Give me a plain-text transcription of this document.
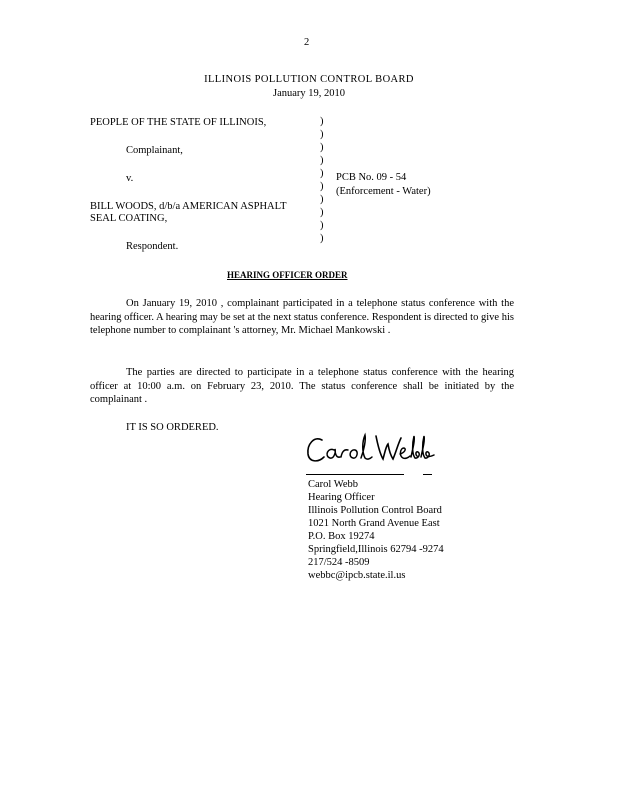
2
ILLINOIS POLLUTION CONTROL BOARD
January 19, 2010
PEOPLE OF THE STATE OF ILLINOIS,
Complainant,
v.
BILL WOODS, d/b/a AMERICAN ASPHALT
SEAL COATING,
Respondent.
)
)
)
)
)
)
)
)
)
)
PCB No. 09 - 54
(Enforcement - Water)
HEARING OFFICER ORDER
On January 19, 2010 , complainant participated in a telephone status conference with the hearing officer. A hearing may be set at the next status conference. Respondent is directed to give his telephone number to complainant 's attorney, Mr. Michael Mankowski .
The parties are directed to participate in a telephone status conference with the hearing officer at 10:00 a.m. on February 23, 2010. The status conference shall be initiated by the complainant .
IT IS SO ORDERED.
Carol Webb
Hearing Officer
Illinois Pollution Control Board
1021 North Grand Avenue East
P.O. Box 19274
Springfield,Illinois 62794 -9274
217/524 -8509
webbc@ipcb.state.il.us
